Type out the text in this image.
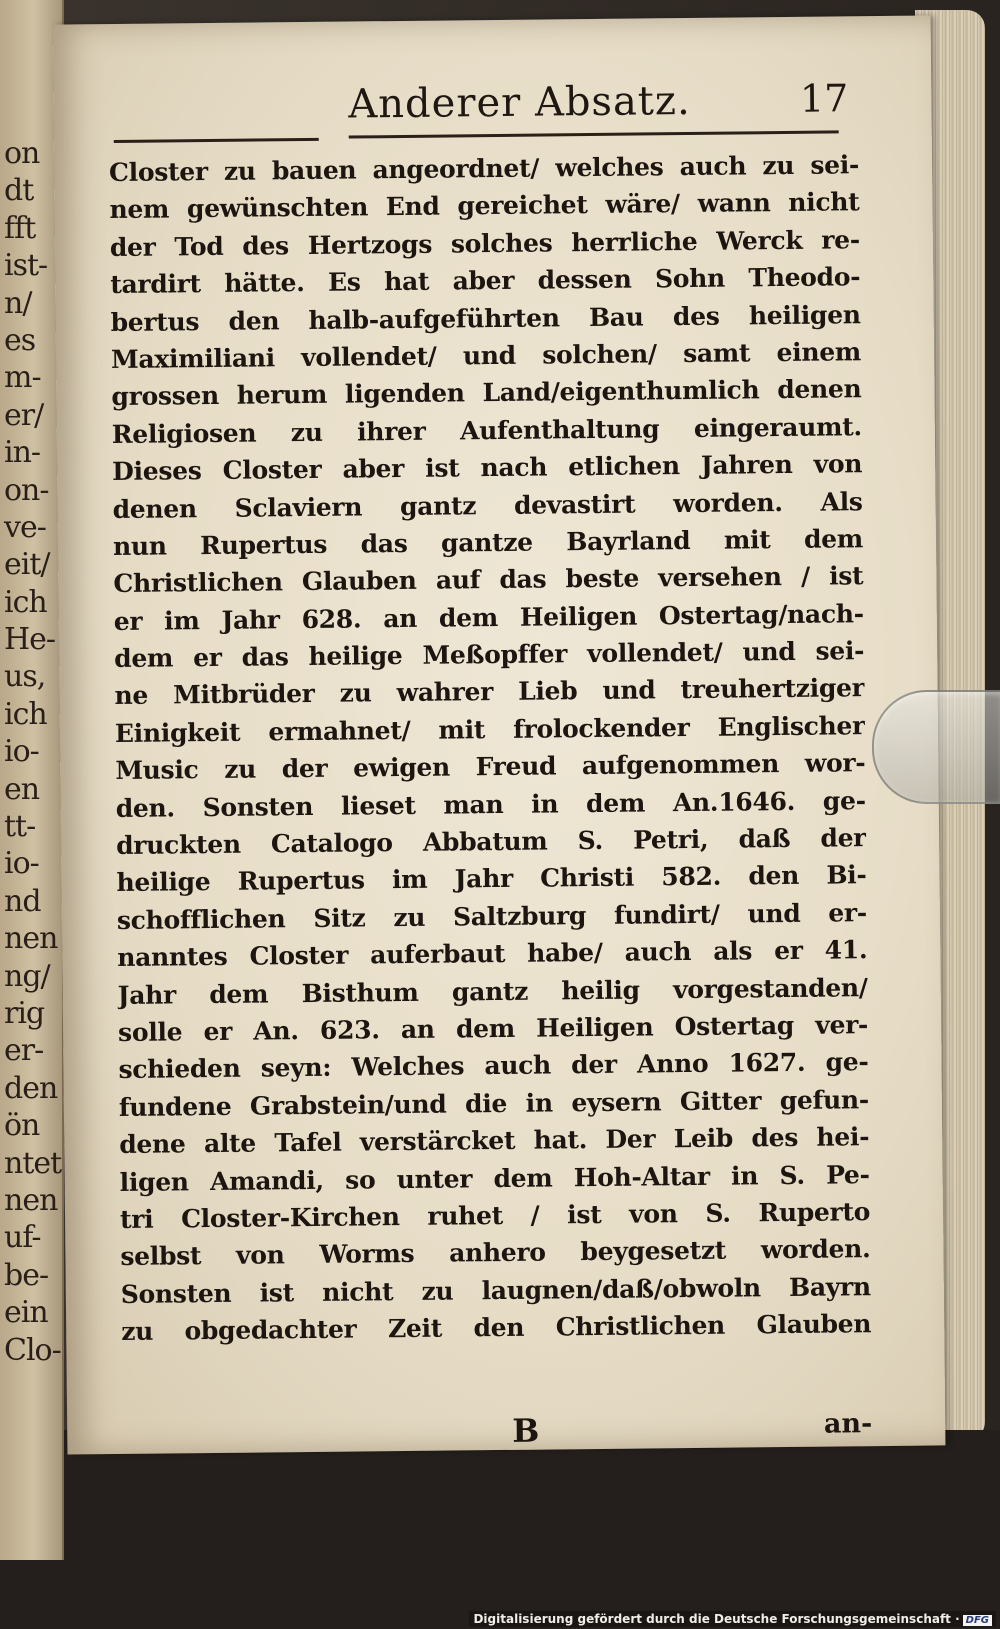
on
dt
fft
ist-
n/
es
m-
er/
in-
on-
ve-
eit/
ich
He-
us,
ich
io-
en
tt-
io-
nd
nen
ng/
rig
er-
den
ön
ntet
nen
uf-
be-
ein
Clo-
Anderer Absatz.	17
Closter zu bauen angeordnet/ welches auch zu sei-
nem gewünschten End gereichet wäre/ wann nicht
der Tod des Hertzogs solches herrliche Werck re-
tardirt hätte. Es hat aber dessen Sohn Theodo-
bertus den halb-aufgeführten Bau des heiligen
Maximiliani vollendet/ und solchen/ samt einem
grossen herum ligenden Land/eigenthumlich denen
Religiosen zu ihrer Aufenthaltung eingeraumt.
Dieses Closter aber ist nach etlichen Jahren von
denen Sclaviern gantz devastirt worden. Als
nun Rupertus das gantze Bayrland mit dem
Christlichen Glauben auf das beste versehen / ist
er im Jahr 628. an dem Heiligen Ostertag/nach-
dem er das heilige Meßopffer vollendet/ und sei-
ne Mitbrüder zu wahrer Lieb und treuhertziger
Einigkeit ermahnet/ mit frolockender Englischer
Music zu der ewigen Freud aufgenommen wor-
den. Sonsten lieset man in dem An.1646. ge-
druckten Catalogo Abbatum S. Petri, daß der
heilige Rupertus im Jahr Christi 582. den Bi-
schofflichen Sitz zu Saltzburg fundirt/ und er-
nanntes Closter auferbaut habe/ auch als er 41.
Jahr dem Bisthum gantz heilig vorgestanden/
solle er An. 623. an dem Heiligen Ostertag ver-
schieden seyn: Welches auch der Anno 1627. ge-
fundene Grabstein/und die in eysern Gitter gefun-
dene alte Tafel verstärcket hat. Der Leib des hei-
ligen Amandi, so unter dem Hoh-Altar in S. Pe-
tri Closter-Kirchen ruhet / ist von S. Ruperto
selbst von Worms anhero beygesetzt worden.
Sonsten ist nicht zu laugnen/daß/obwoln Bayrn
zu obgedachter Zeit den Christlichen Glauben
B	an-
Digitalisierung gefördert durch die Deutsche Forschungsgemeinschaft · DFG
